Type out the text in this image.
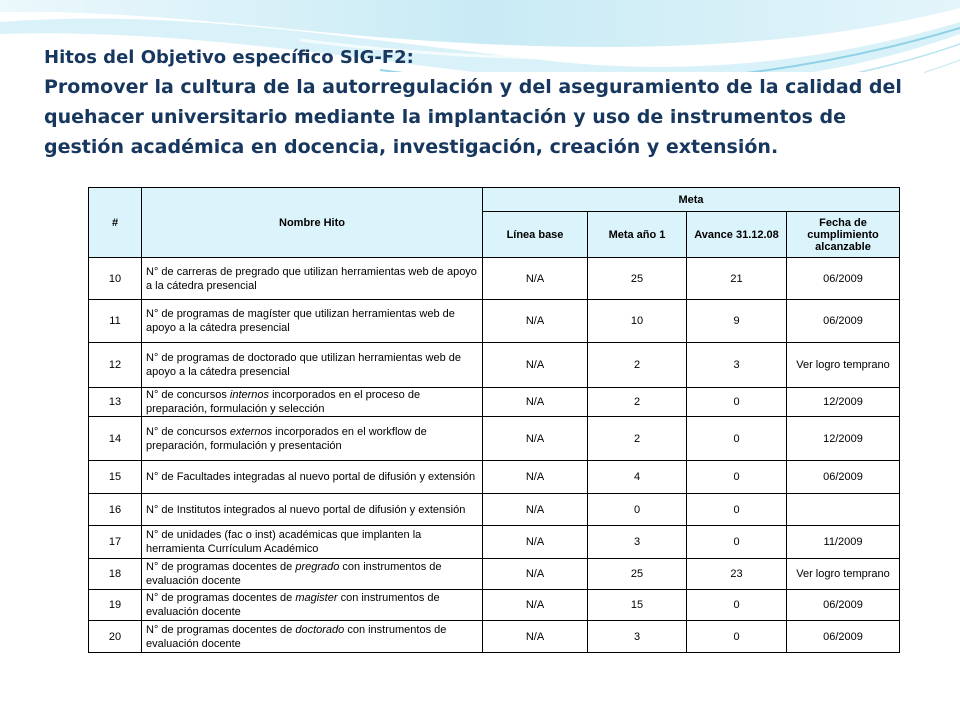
Hitos del Objetivo específico SIG-F2:
Promover la cultura de la autorregulación y del aseguramiento de la calidad del quehacer universitario mediante la implantación y uso de instrumentos de gestión académica en docencia, investigación, creación y extensión.
#	Nombre Hito	Meta			
		Línea base	Meta año 1	Avance 31.12.08	Fecha de cumplimiento alcanzable
10	N° de carreras de pregrado que utilizan herramientas web de apoyo a la cátedra presencial	N/A	25	21	06/2009
11	N° de programas de magíster que utilizan herramientas web de apoyo a la cátedra presencial	N/A	10	9	06/2009
12	N° de programas de doctorado que utilizan herramientas web de apoyo a la cátedra presencial	N/A	2	3	Ver logro temprano
13	N° de concursos internos incorporados en el proceso de preparación, formulación y selección	N/A	2	0	12/2009
14	N° de concursos externos incorporados en el workflow de preparación, formulación y presentación	N/A	2	0	12/2009
15	N° de Facultades integradas al nuevo portal de difusión y extensión	N/A	4	0	06/2009
16	N° de Institutos integrados al nuevo portal de difusión y extensión	N/A	0	0	
17	N° de unidades (fac o inst) académicas que implanten la herramienta Currículum Académico	N/A	3	0	11/2009
18	N° de programas docentes de pregrado con instrumentos de evaluación docente	N/A	25	23	Ver logro temprano
19	N° de programas docentes de magister con instrumentos de evaluación docente	N/A	15	0	06/2009
20	N° de programas docentes de doctorado con instrumentos de evaluación docente	N/A	3	0	06/2009
